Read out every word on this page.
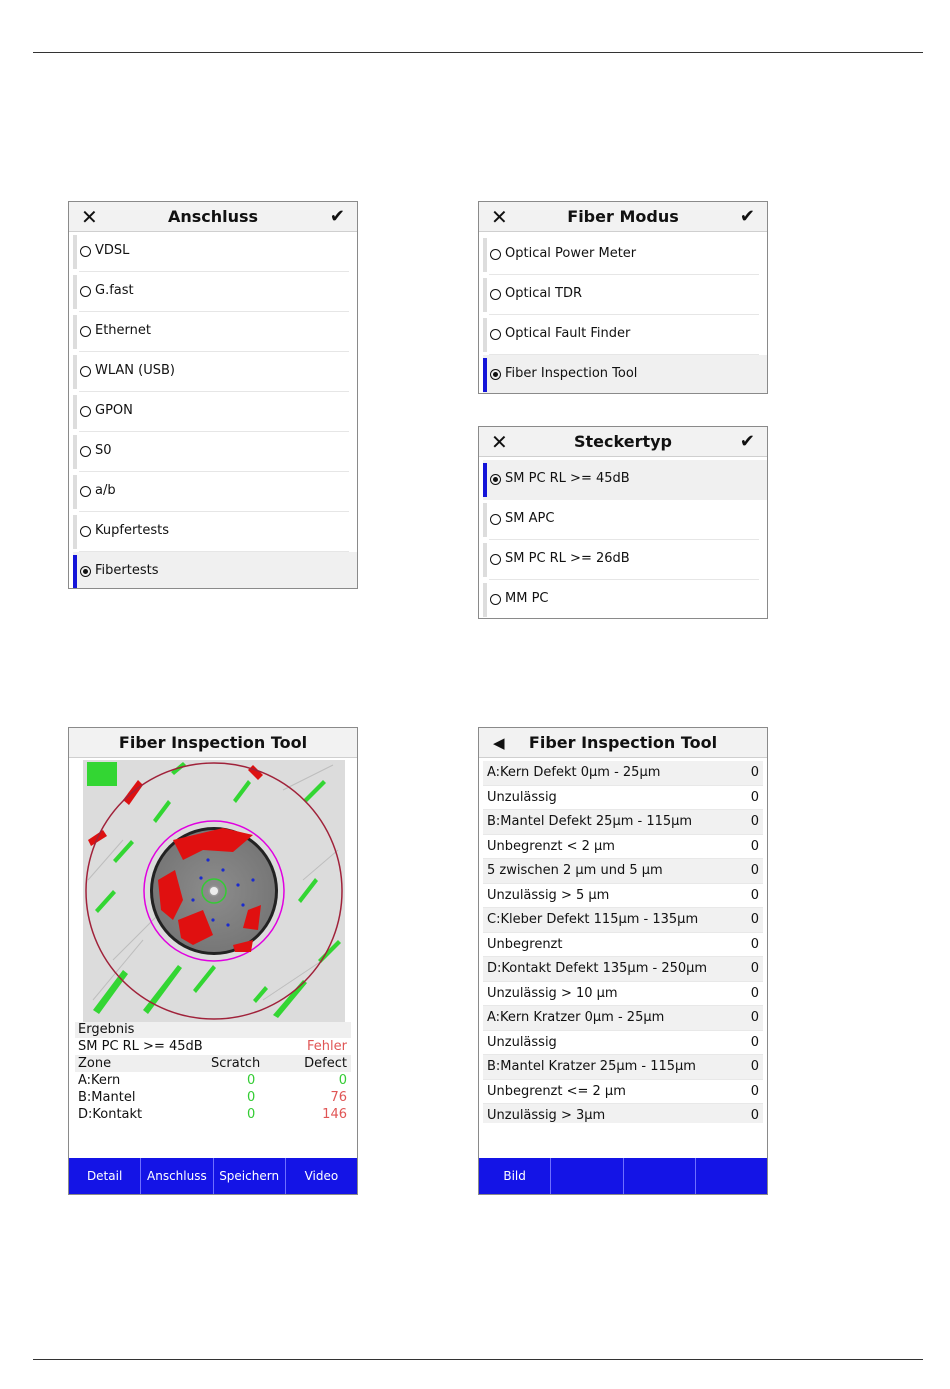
✕	Anschluss	✔
VDSL
G.fast
Ethernet
WLAN (USB)
GPON
S0
a/b
Kupfertests
Fibertests
✕	Fiber Modus	✔
Optical Power Meter
Optical TDR
Optical Fault Finder
Fiber Inspection Tool
✕	Steckertyp	✔
SM PC RL >= 45dB
SM APC
SM PC RL >= 26dB
MM PC
Fiber Inspection Tool
Ergebnis
SM PC RL >= 45dB	Fehler
Zone	Scratch	Defect
A:Kern	0	0
B:Mantel	0	76
D:Kontakt	0	146
Detail	Anschluss	Speichern	Video
◀	Fiber Inspection Tool
A:Kern Defekt 0µm - 25µm	0
Unzulässig	0
B:Mantel Defekt 25µm - 115µm	0
Unbegrenzt < 2 µm	0
5 zwischen 2 µm und 5 µm	0
Unzulässig > 5 µm	0
C:Kleber Defekt 115µm - 135µm	0
Unbegrenzt	0
D:Kontakt Defekt 135µm - 250µm	0
Unzulässig > 10 µm	0
A:Kern Kratzer 0µm - 25µm	0
Unzulässig	0
B:Mantel Kratzer 25µm - 115µm	0
Unbegrenzt <= 2 µm	0
Unzulässig > 3µm	0
Bild
